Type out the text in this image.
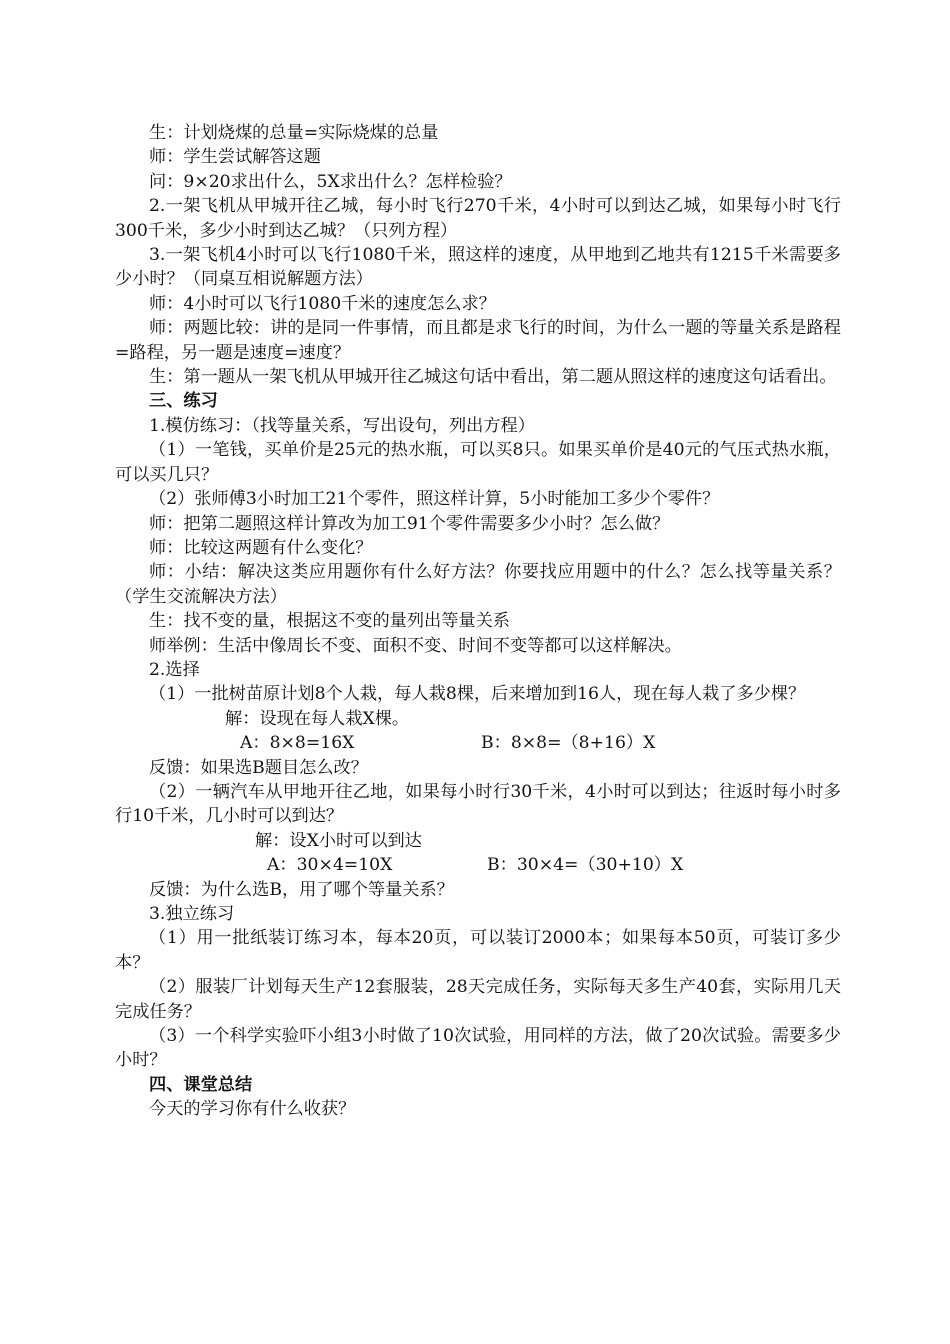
生：计划烧煤的总量=实际烧煤的总量

师：学生尝试解答这题

问：9×20求出什么，5X求出什么？怎样检验？

2.一架飞机从甲城开往乙城，每小时飞行270千米，4小时可以到达乙城，如果每小时飞行300千米，多少小时到达乙城？（只列方程）

3.一架飞机4小时可以飞行1080千米，照这样的速度，从甲地到乙地共有1215千米需要多少小时？（同桌互相说解题方法）

师：4小时可以飞行1080千米的速度怎么求？

师：两题比较：讲的是同一件事情，而且都是求飞行的时间，为什么一题的等量关系是路程=路程，另一题是速度=速度？

生：第一题从一架飞机从甲城开往乙城这句话中看出，第二题从照这样的速度这句话看出。

三、练习

1.模仿练习：（找等量关系，写出设句，列出方程）

（1）一笔钱，买单价是25元的热水瓶，可以买8只。如果买单价是40元的气压式热水瓶，可以买几只？

（2）张师傅3小时加工21个零件，照这样计算，5小时能加工多少个零件？

师：把第二题照这样计算改为加工91个零件需要多少小时？怎么做？

师：比较这两题有什么变化？

师：小结：解决这类应用题你有什么好方法？你要找应用题中的什么？怎么找等量关系？（学生交流解决方法）

生：找不变的量，根据这不变的量列出等量关系

师举例：生活中像周长不变、面积不变、时间不变等都可以这样解决。

2.选择

（1）一批树苗原计划8个人栽，每人栽8棵，后来增加到16人，现在每人栽了多少棵？

解：设现在每人栽X棵。

A：8×8=16X	B：8×8=（8+16）X

反馈：如果选B题目怎么改？

（2）一辆汽车从甲地开往乙地，如果每小时行30千米，4小时可以到达；往返时每小时多行10千米，几小时可以到达？

解：设X小时可以到达

A：30×4=10X	B：30×4=（30+10）X

反馈：为什么选B，用了哪个等量关系？

3.独立练习

（1）用一批纸装订练习本，每本20页，可以装订2000本；如果每本50页，可装订多少本？

（2）服装厂计划每天生产12套服装，28天完成任务，实际每天多生产40套，实际用几天完成任务？

（3）一个科学实验吓小组3小时做了10次试验，用同样的方法，做了20次试验。需要多少小时？

四、课堂总结

今天的学习你有什么收获？
